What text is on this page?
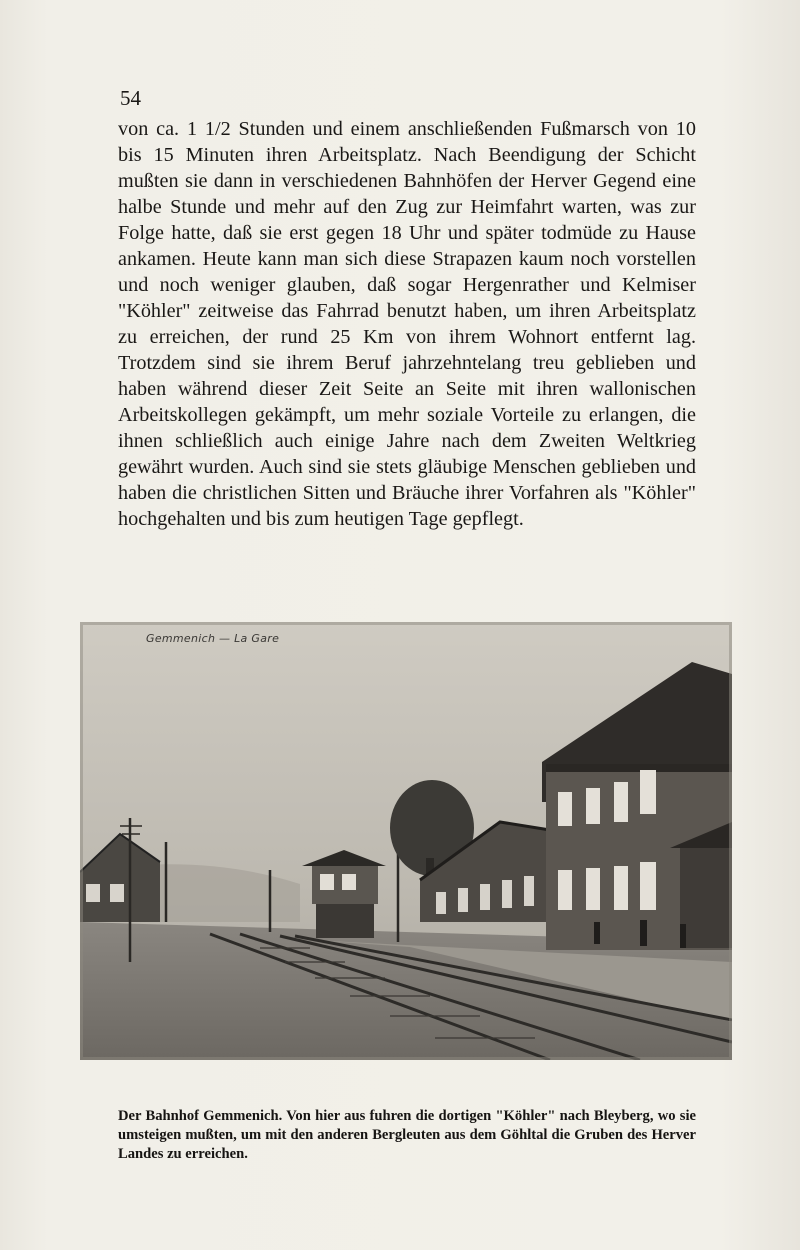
54

von ca. 1 1/2 Stunden und einem anschließenden Fußmarsch von 10 bis 15 Minuten ihren Arbeitsplatz. Nach Beendigung der Schicht mußten sie dann in verschiedenen Bahnhöfen der Herver Gegend eine halbe Stunde und mehr auf den Zug zur Heimfahrt warten, was zur Folge hatte, daß sie erst gegen 18 Uhr und später todmüde zu Hause ankamen. Heute kann man sich diese Strapazen kaum noch vorstellen und noch weniger glauben, daß sogar Hergenrather und Kelmiser "Köhler" zeitweise das Fahrrad benutzt haben, um ihren Arbeitsplatz zu erreichen, der rund 25 Km von ihrem Wohnort entfernt lag. Trotzdem sind sie ihrem Beruf jahrzehntelang treu geblieben und haben während dieser Zeit Seite an Seite mit ihren wallonischen Arbeitskollegen gekämpft, um mehr soziale Vorteile zu erlangen, die ihnen schließlich auch einige Jahre nach dem Zweiten Weltkrieg gewährt wurden. Auch sind sie stets gläubige Menschen geblieben und haben die christlichen Sitten und Bräuche ihrer Vorfahren als "Köhler" hochgehalten und bis zum heutigen Tage gepflegt.

Gemmenich — La Gare
Der Bahnhof Gemmenich. Von hier aus fuhren die dortigen "Köhler" nach Bleyberg, wo sie umsteigen mußten, um mit den anderen Bergleuten aus dem Göhltal die Gruben des Herver Landes zu erreichen.
